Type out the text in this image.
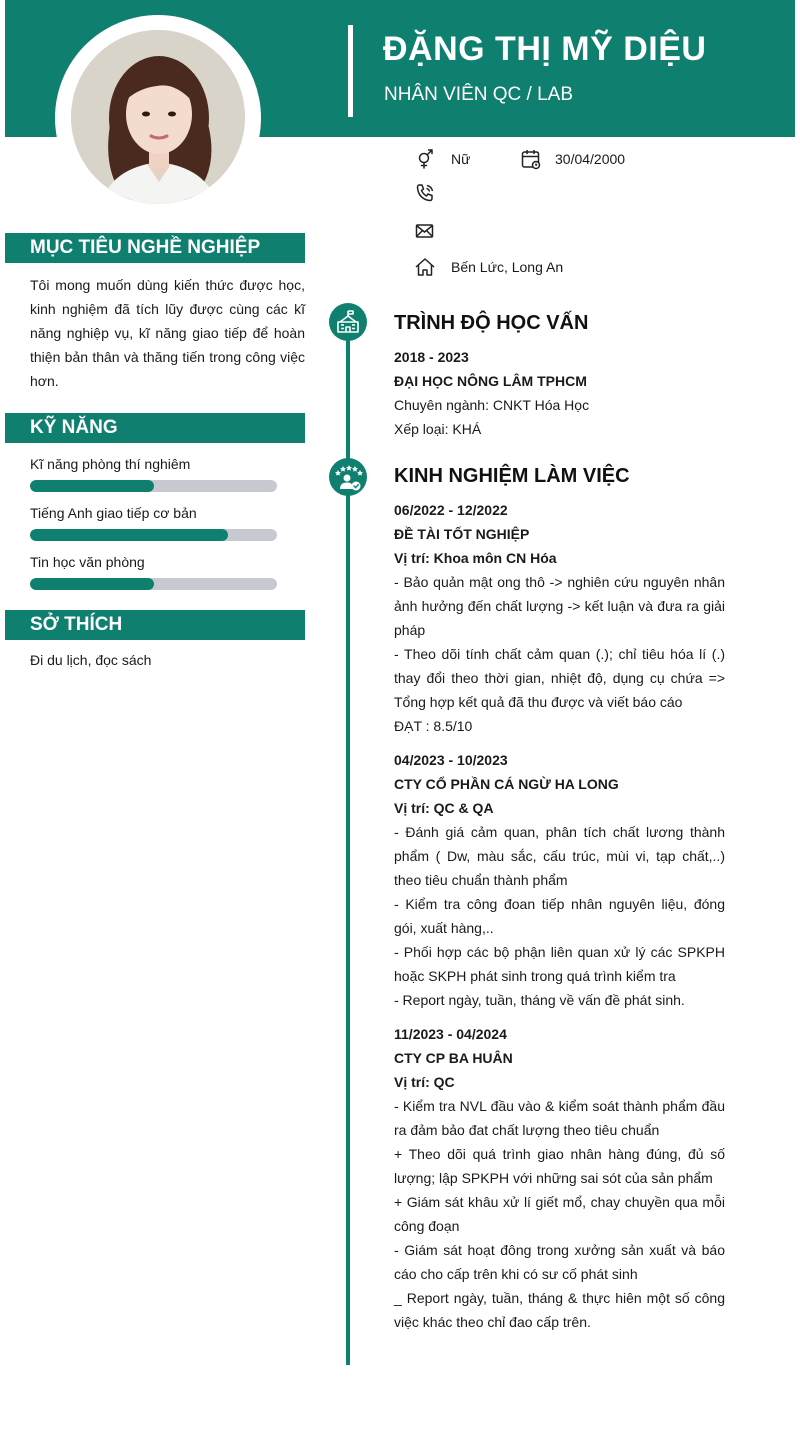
ĐẶNG THỊ MỸ DIỆU
NHÂN VIÊN QC / LAB
Nữ	30/04/2000
Bến Lức, Long An
MỤC TIÊU NGHỀ NGHIỆP
Tôi mong muốn dùng kiến thức được học, kinh nghiệm đã tích lũy được cùng các kĩ năng nghiệp vụ, kĩ năng giao tiếp để hoàn thiện bản thân và thăng tiến trong công việc hơn.
KỸ NĂNG
Kĩ năng phòng thí nghiêm
Tiếng Anh giao tiếp cơ bản
Tin học văn phòng
SỞ THÍCH
Đi du lịch, đọc sách
TRÌNH ĐỘ HỌC VẤN
2018 - 2023
ĐẠI HỌC NÔNG LÂM TPHCM
Chuyên ngành: CNKT Hóa Học
Xếp loại: KHÁ
KINH NGHIỆM LÀM VIỆC
06/2022 - 12/2022
ĐỀ TÀI TỐT NGHIỆP
Vị trí: Khoa môn CN Hóa
- Bảo quản mật ong thô -> nghiên cứu nguyên nhân ảnh hưởng đến chất lượng -> kết luận và đưa ra giải pháp
- Theo dõi tính chất cảm quan (.); chỉ tiêu hóa lí (.) thay đổi theo thời gian, nhiệt độ, dụng cụ chứa => Tổng hợp kết quả đã thu được và viết báo cáo
ĐẠT : 8.5/10
04/2023 - 10/2023
CTY CỔ PHẦN CÁ NGỪ HA LONG
Vị trí: QC & QA
- Đánh giá cảm quan, phân tích chất lương thành phẩm ( Dw, màu sắc, cấu trúc, mùi vi, tạp chất,..) theo tiêu chuẩn thành phẩm
- Kiểm tra công đoan tiếp nhân nguyên liệu, đóng gói, xuất hàng,..
- Phối hợp các bộ phận liên quan xử lý các SPKPH hoặc SKPH phát sinh trong quá trình kiểm tra
- Report ngày, tuần, tháng về vấn đề phát sinh.
11/2023 - 04/2024
CTY CP BA HUÂN
Vị trí: QC
- Kiểm tra NVL đầu vào & kiểm soát thành phẩm đầu ra đảm bảo đat chất lượng theo tiêu chuẩn
+ Theo dõi quá trình giao nhân hàng đúng, đủ số lượng; lập SPKPH với những sai sót của sản phẩm
+ Giám sát khâu xử lí giết mổ, chay chuyền qua mỗi công đoạn
- Giám sát hoạt đông trong xưởng sản xuất và báo cáo cho cấp trên khi có sư cố phát sinh
_ Report ngày, tuần, tháng & thực hiên một số công việc khác theo chỉ đao cấp trên.
